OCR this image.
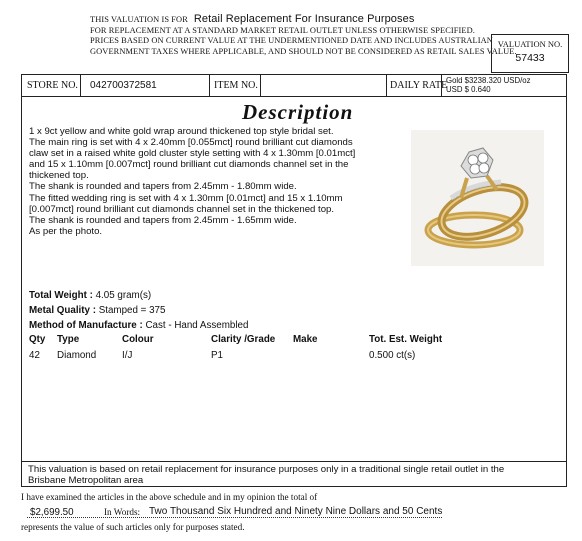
THIS VALUATION IS FOR Retail Replacement For Insurance Purposes
FOR REPLACEMENT AT A STANDARD MARKET RETAIL OUTLET UNLESS OTHERWISE SPECIFIED.
PRICES BASED ON CURRENT VALUE AT THE UNDERMENTIONED DATE AND INCLUDES AUSTRALIAN
GOVERNMENT TAXES WHERE APPLICABLE, AND SHOULD NOT BE CONSIDERED AS RETAIL SALES VALUE.
VALUATION NO.
57433
STORE NO. 042700372581	ITEM NO.	DAILY RATE
Gold $3238.320 USD/oz
USD $ 0.640
Description
1 x 9ct yellow and white gold wrap around thickened top style bridal set.
The main ring is set with 4 x 2.40mm [0.055mct] round brilliant cut diamonds
claw set in a raised white gold cluster style setting with 4 x 1.30mm [0.01mct]
and 15 x 1.10mm [0.007mct] round brilliant cut diamonds channel set in the
thickened top.
The shank is rounded and tapers from 2.45mm - 1.80mm wide.
The fitted wedding ring is set with 4 x 1.30mm [0.01mct] and 15 x 1.10mm
[0.007mct] round brilliant cut diamonds channel set in the thickened top.
The shank is rounded and tapers from 2.45mm - 1.65mm wide.
As per the photo.
Total Weight : 4.05 gram(s)
Metal Quality : Stamped = 375
Method of Manufacture : Cast - Hand Assembled
Qty Type	Colour	Clarity /Grade Make	Tot. Est. Weight
42 Diamond	I/J	P1	0.500 ct(s)
This valuation is based on retail replacement for insurance purposes only in a traditional single retail outlet in the
Brisbane Metropolitan area
I have examined the articles in the above schedule and in my opinion the total of
$2,699.50	In Words: Two Thousand Six Hundred and Ninety Nine Dollars and 50 Cents
represents the value of such articles only for purposes stated.
